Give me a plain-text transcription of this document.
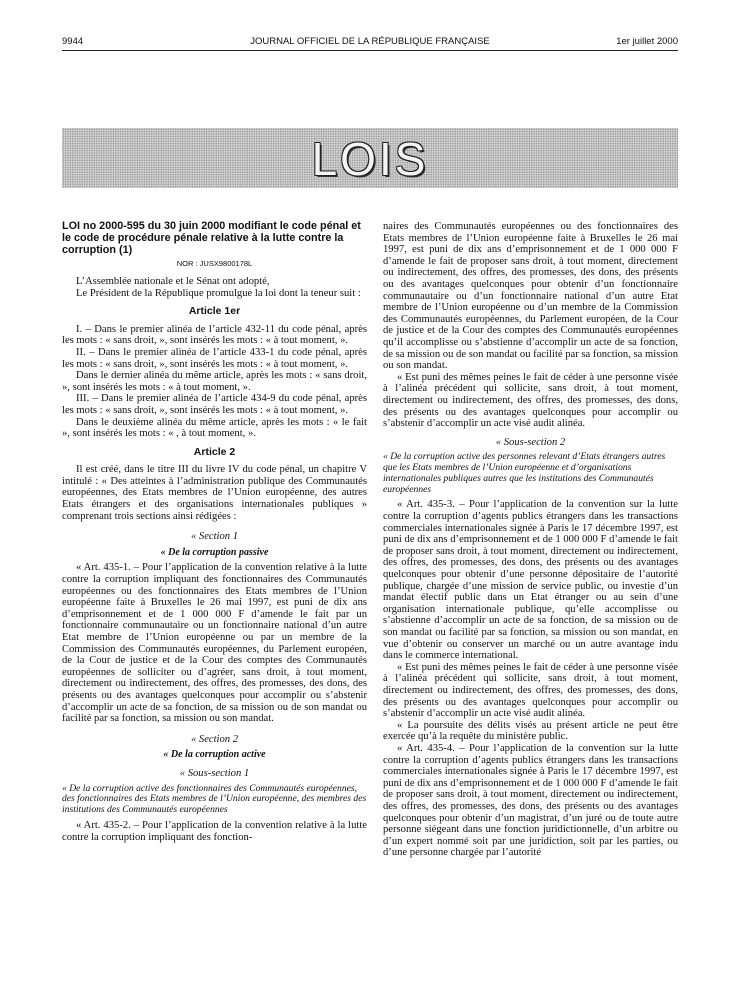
9944	JOURNAL OFFICIEL DE LA RÉPUBLIQUE FRANÇAISE	1er juillet 2000
LOIS

LOI no 2000-595 du 30 juin 2000 modifiant le code pénal et le code de procédure pénale relative à la lutte contre la corruption (1)

NOR : JUSX9800178L

L’Assemblée nationale et le Sénat ont adopté,

Le Président de la République promulgue la loi dont la teneur suit :

Article 1er

I. – Dans le premier alinéa de l’article 432-11 du code pénal, après les mots : « sans droit, », sont insérés les mots : « à tout moment, ».

II. – Dans le premier alinéa de l’article 433-1 du code pénal, après les mots : « sans droit, », sont insérés les mots : « à tout moment, ».

Dans le dernier alinéa du même article, après les mots : « sans droit, », sont insérés les mots : « à tout moment, ».

III. – Dans le premier alinéa de l’article 434-9 du code pénal, après les mots : « sans droit, », sont insérés les mots : « à tout moment, ».

Dans le deuxième alinéa du même article, après les mots : « le fait », sont insérés les mots : « , à tout moment, ».

Article 2

Il est créé, dans le titre III du livre IV du code pénal, un chapitre V intitulé : « Des atteintes à l’administration publique des Communautés européennes, des Etats membres de l’Union européenne, des autres Etats étrangers et des organisations internationales publiques » comprenant trois sections ainsi rédigées :

« Section 1

« De la corruption passive

« Art. 435-1. – Pour l’application de la convention relative à la lutte contre la corruption impliquant des fonctionnaires des Communautés européennes ou des fonctionnaires des Etats membres de l’Union européenne faite à Bruxelles le 26 mai 1997, est puni de dix ans d’emprisonnement et de 1 000 000 F d’amende le fait par un fonctionnaire communautaire ou un fonctionnaire national d’un autre Etat membre de l’Union européenne ou par un membre de la Commission des Communautés européennes, du Parlement européen, de la Cour de justice et de la Cour des comptes des Communautés européennes de solliciter ou d’agréer, sans droit, à tout moment, directement ou indirectement, des offres, des promesses, des dons, des présents ou des avantages quelconques pour accomplir ou s’abstenir d’accomplir un acte de sa fonction, de sa mission ou de son mandat ou facilité par sa fonction, sa mission ou son mandat.

« Section 2

« De la corruption active

« Sous-section 1

« De la corruption active des fonctionnaires des Communautés européennes, des fonctionnaires des Etats membres de l’Union européenne, des membres des institutions des Communautés européennes

« Art. 435-2. – Pour l’application de la convention relative à la lutte contre la corruption impliquant des fonction-

naires des Communautés européennes ou des fonctionnaires des Etats membres de l’Union européenne faite à Bruxelles le 26 mai 1997, est puni de dix ans d’emprisonnement et de 1 000 000 F d’amende le fait de proposer sans droit, à tout moment, directement ou indirectement, des offres, des promesses, des dons, des présents ou des avantages quelconques pour obtenir d’un fonctionnaire communautaire ou d’un fonctionnaire national d’un autre Etat membre de l’Union européenne ou d’un membre de la Commission des Communautés européennes, du Parlement européen, de la Cour de justice et de la Cour des comptes des Communautés européennes qu’il accomplisse ou s’abstienne d’accomplir un acte de sa fonction, de sa mission ou de son mandat ou facilité par sa fonction, sa mission ou son mandat.

« Est puni des mêmes peines le fait de céder à une personne visée à l’alinéa précédent qui sollicite, sans droit, à tout moment, directement ou indirectement, des offres, des promesses, des dons, des présents ou des avantages quelconques pour accomplir ou s’abstenir d’accomplir un acte visé audit alinéa.

« Sous-section 2

« De la corruption active des personnes relevant d’Etats étrangers autres que les Etats membres de l’Union européenne et d’organisations internationales publiques autres que les institutions des Communautés européennes

« Art. 435-3. – Pour l’application de la convention sur la lutte contre la corruption d’agents publics étrangers dans les transactions commerciales internationales signée à Paris le 17 décembre 1997, est puni de dix ans d’emprisonnement et de 1 000 000 F d’amende le fait de proposer sans droit, à tout moment, directement ou indirectement, des offres, des promesses, des dons, des présents ou des avantages quelconques pour obtenir d’une personne dépositaire de l’autorité publique, chargée d’une mission de service public, ou investie d’un mandat électif public dans un Etat étranger ou au sein d’une organisation internationale publique, qu’elle accomplisse ou s’abstienne d’accomplir un acte de sa fonction, de sa mission ou de son mandat ou facilité par sa fonction, sa mission ou son mandat, en vue d’obtenir ou conserver un marché ou un autre avantage indu dans le commerce international.

« Est puni des mêmes peines le fait de céder à une personne visée à l’alinéa précédent qui sollicite, sans droit, à tout moment, directement ou indirectement, des offres, des promesses, des dons, des présents ou des avantages quelconques pour accomplir ou s’abstenir d’accomplir un acte visé audit alinéa.

« La poursuite des délits visés au présent article ne peut être exercée qu’à la requête du ministère public.

« Art. 435-4. – Pour l’application de la convention sur la lutte contre la corruption d’agents publics étrangers dans les transactions commerciales internationales signée à Paris le 17 décembre 1997, est puni de dix ans d’emprisonnement et de 1 000 000 F d’amende le fait de proposer sans droit, à tout moment, directement ou indirectement, des offres, des promesses, des dons, des présents ou des avantages quelconques pour obtenir d’un magistrat, d’un juré ou de toute autre personne siégeant dans une fonction juridictionnelle, d’un arbitre ou d’un expert nommé soit par une juridiction, soit par les parties, ou d’une personne chargée par l’autorité
